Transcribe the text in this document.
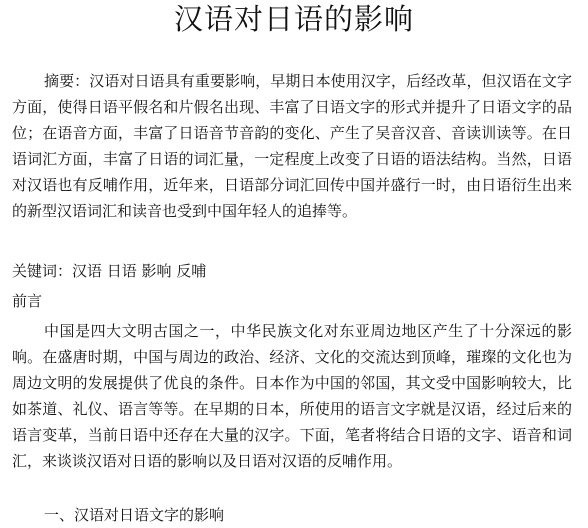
汉语对日语的影响

摘要：汉语对日语具有重要影响，早期日本使用汉字，后经改革，但汉语在文字方面，使得日语平假名和片假名出现、丰富了日语文字的形式并提升了日语文字的品位；在语音方面，丰富了日语音节音韵的变化、产生了吴音汉音、音读训读等。在日语词汇方面，丰富了日语的词汇量，一定程度上改变了日语的语法结构。当然，日语对汉语也有反哺作用，近年来，日语部分词汇回传中国并盛行一时，由日语衍生出来的新型汉语词汇和读音也受到中国年轻人的追捧等。

关键词：汉语 日语 影响 反哺

前言

中国是四大文明古国之一，中华民族文化对东亚周边地区产生了十分深远的影响。在盛唐时期，中国与周边的政治、经济、文化的交流达到顶峰，璀璨的文化也为周边文明的发展提供了优良的条件。日本作为中国的邻国，其文受中国影响较大，比如茶道、礼仪、语言等等。在早期的日本，所使用的语言文字就是汉语，经过后来的语言变革，当前日语中还存在大量的汉字。下面，笔者将结合日语的文字、语音和词汇，来谈谈汉语对日语的影响以及日语对汉语的反哺作用。

一、汉语对日语文字的影响
